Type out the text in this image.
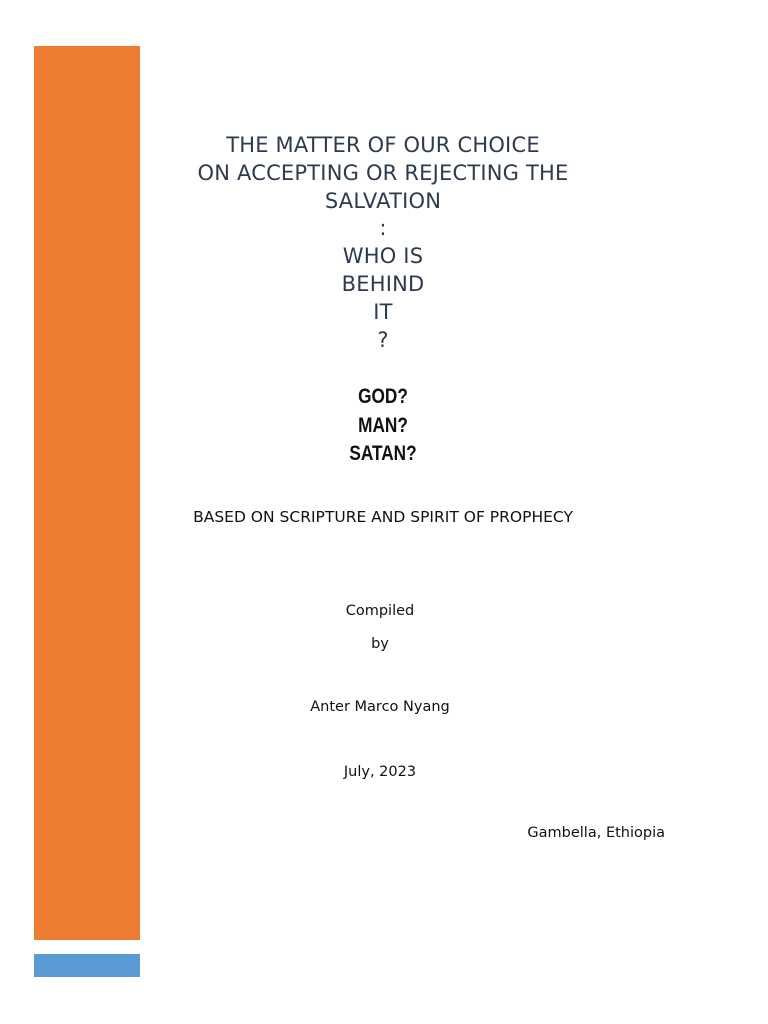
THE MATTER OF OUR CHOICE
ON ACCEPTING OR REJECTING THE
SALVATION
:
WHO IS
BEHIND
IT
?
GOD?
MAN?
SATAN?
BASED ON SCRIPTURE AND SPIRIT OF PROPHECY
Compiled
by
Anter Marco Nyang
July, 2023
Gambella, Ethiopia
